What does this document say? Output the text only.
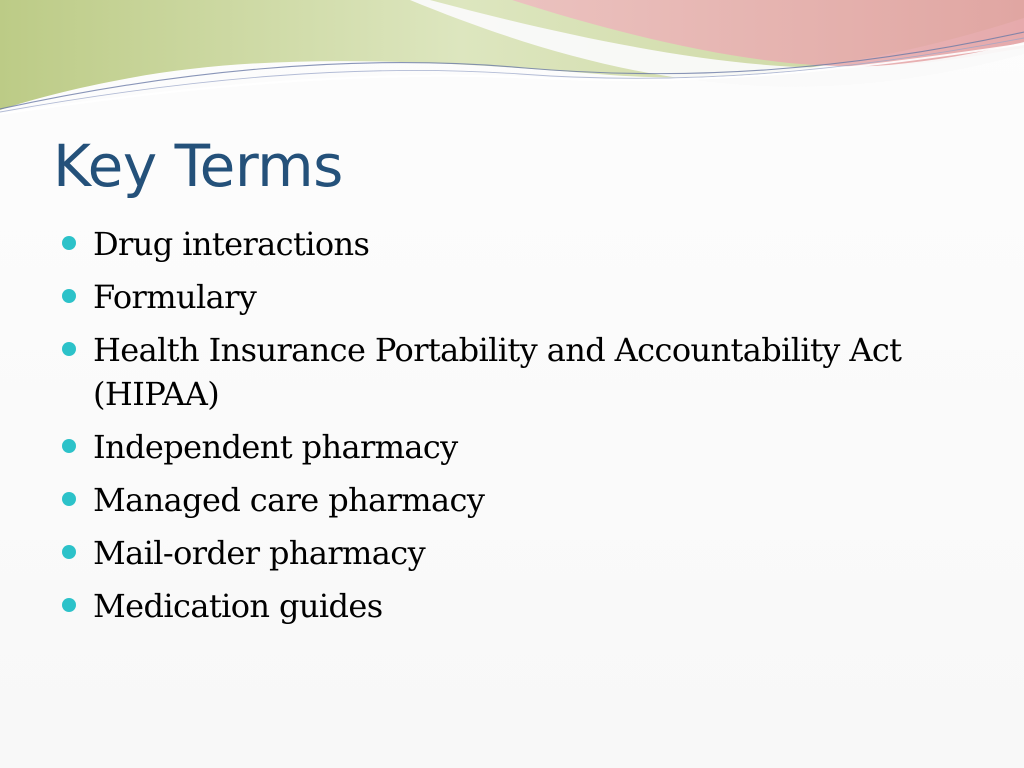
Key Terms
Drug interactions
Formulary
Health Insurance Portability and Accountability Act (HIPAA)
Independent pharmacy
Managed care pharmacy
Mail-order pharmacy
Medication guides
